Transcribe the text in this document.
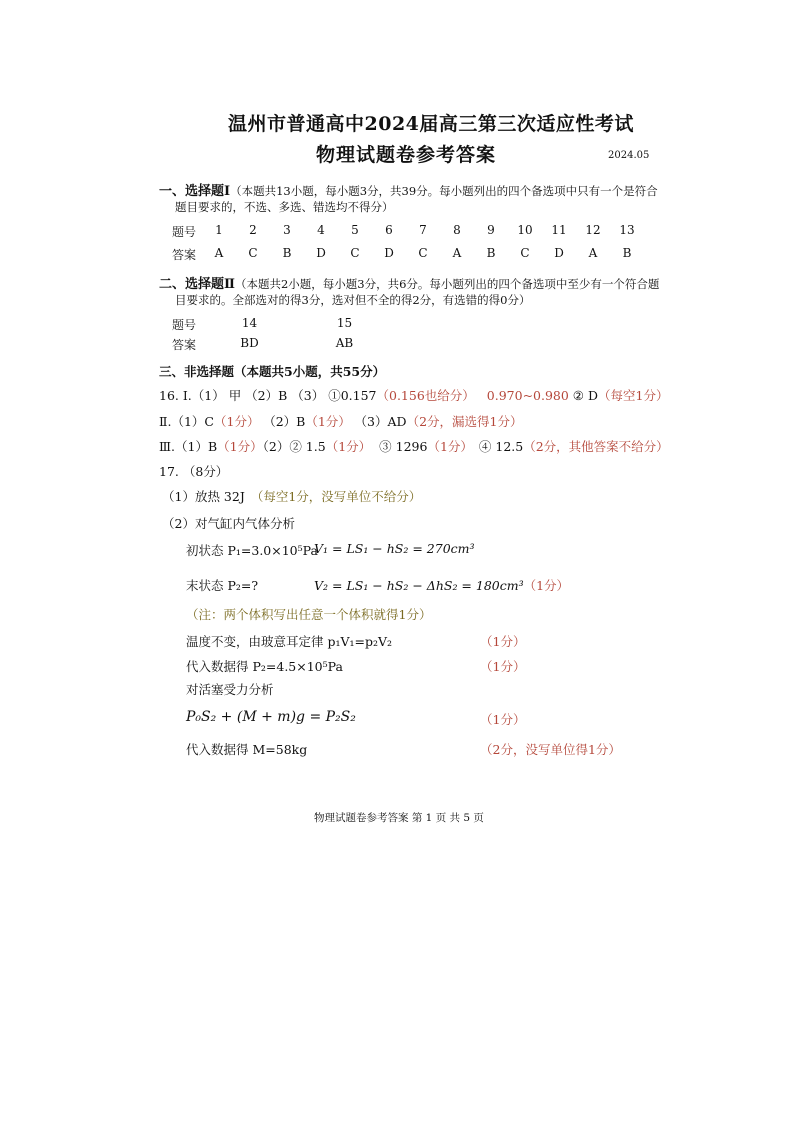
温州市普通高中2024届高三第三次适应性考试
物理试题卷参考答案	2024.05
一、选择题Ⅰ（本题共13小题，每小题3分，共39分。每小题列出的四个备选项中只有一个是符合
题目要求的，不选、多选、错选均不得分）
题号	1	2	3	4	5	6	7	8	9	10	11	12	13
答案	A	C	B	D	C	D	C	A	B	C	D	A	B
二、选择题Ⅱ（本题共2小题，每小题3分，共6分。每小题列出的四个备选项中至少有一个符合题
目要求的。全部选对的得3分，选对但不全的得2分，有选错的得0分）
题号	14	15
答案	BD	AB
三、非选择题（本题共5小题，共55分）
16. Ⅰ.（1） 甲 （2）B （3） ①0.157（0.156也给分） 0.970~0.980 ② D（每空1分）
Ⅱ.（1）C（1分） （2）B（1分） （3）AD（2分，漏选得1分）
Ⅲ.（1）B（1分）（2）② 1.5（1分） ③ 1296（1分） ④ 12.5（2分，其他答案不给分）
17. （8分）
（1）放热 32J （每空1分，没写单位不给分）
（2）对气缸内气体分析
初状态 P₁=3.0×10⁵Pa
V₁ = LS₁ − hS₂ = 270cm³
末状态 P₂=?	V₂ = LS₁ − hS₂ − ΔhS₂ = 180cm³（1分）
（注：两个体积写出任意一个体积就得1分）
温度不变，由玻意耳定律 p₁V₁=p₂V₂	（1分）
代入数据得 P₂=4.5×10⁵Pa	（1分）
对活塞受力分析
P₀S₂ + (M + m)g = P₂S₂	（1分）
代入数据得 M=58kg	（2分，没写单位得1分）
物理试题卷参考答案 第 1 页 共 5 页
